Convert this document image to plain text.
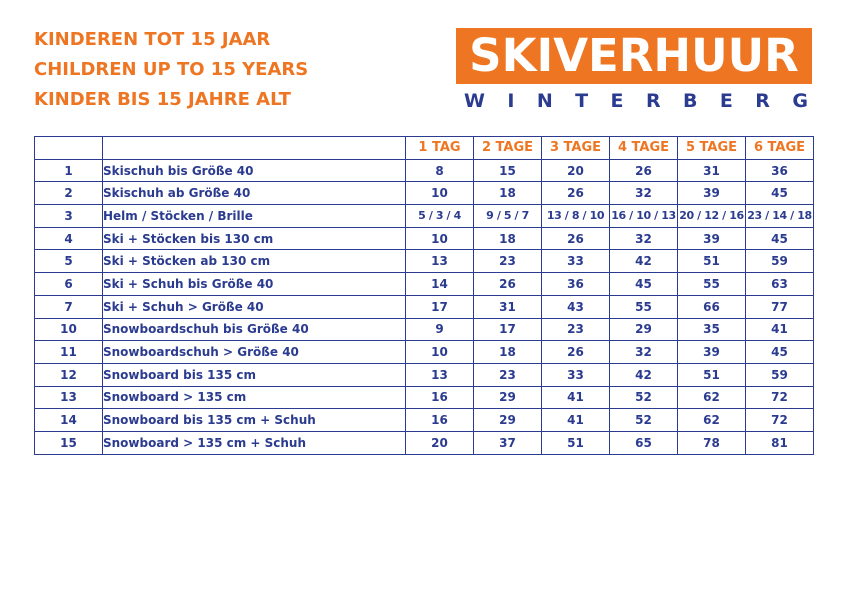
KINDEREN TOT 15 JAAR
CHILDREN UP TO 15 YEARS
KINDER BIS 15 JAHRE ALT
SKIVERHUUR
W I N T E R B E R G
		1 TAG	2 TAGE	3 TAGE	4 TAGE	5 TAGE	6 TAGE
1	Skischuh bis Größe 40	8	15	20	26	31	36
2	Skischuh ab Größe 40	10	18	26	32	39	45
3	Helm / Stöcken / Brille	5 / 3 / 4	9 / 5 / 7	13 / 8 / 10	16 / 10 / 13	20 / 12 / 16	23 / 14 / 18
4	Ski + Stöcken bis 130 cm	10	18	26	32	39	45
5	Ski + Stöcken ab 130 cm	13	23	33	42	51	59
6	Ski + Schuh bis Größe 40	14	26	36	45	55	63
7	Ski + Schuh > Größe 40	17	31	43	55	66	77
10	Snowboardschuh bis Größe 40	9	17	23	29	35	41
11	Snowboardschuh > Größe 40	10	18	26	32	39	45
12	Snowboard bis 135 cm	13	23	33	42	51	59
13	Snowboard > 135 cm	16	29	41	52	62	72
14	Snowboard bis 135 cm + Schuh	16	29	41	52	62	72
15	Snowboard > 135 cm + Schuh	20	37	51	65	78	81
